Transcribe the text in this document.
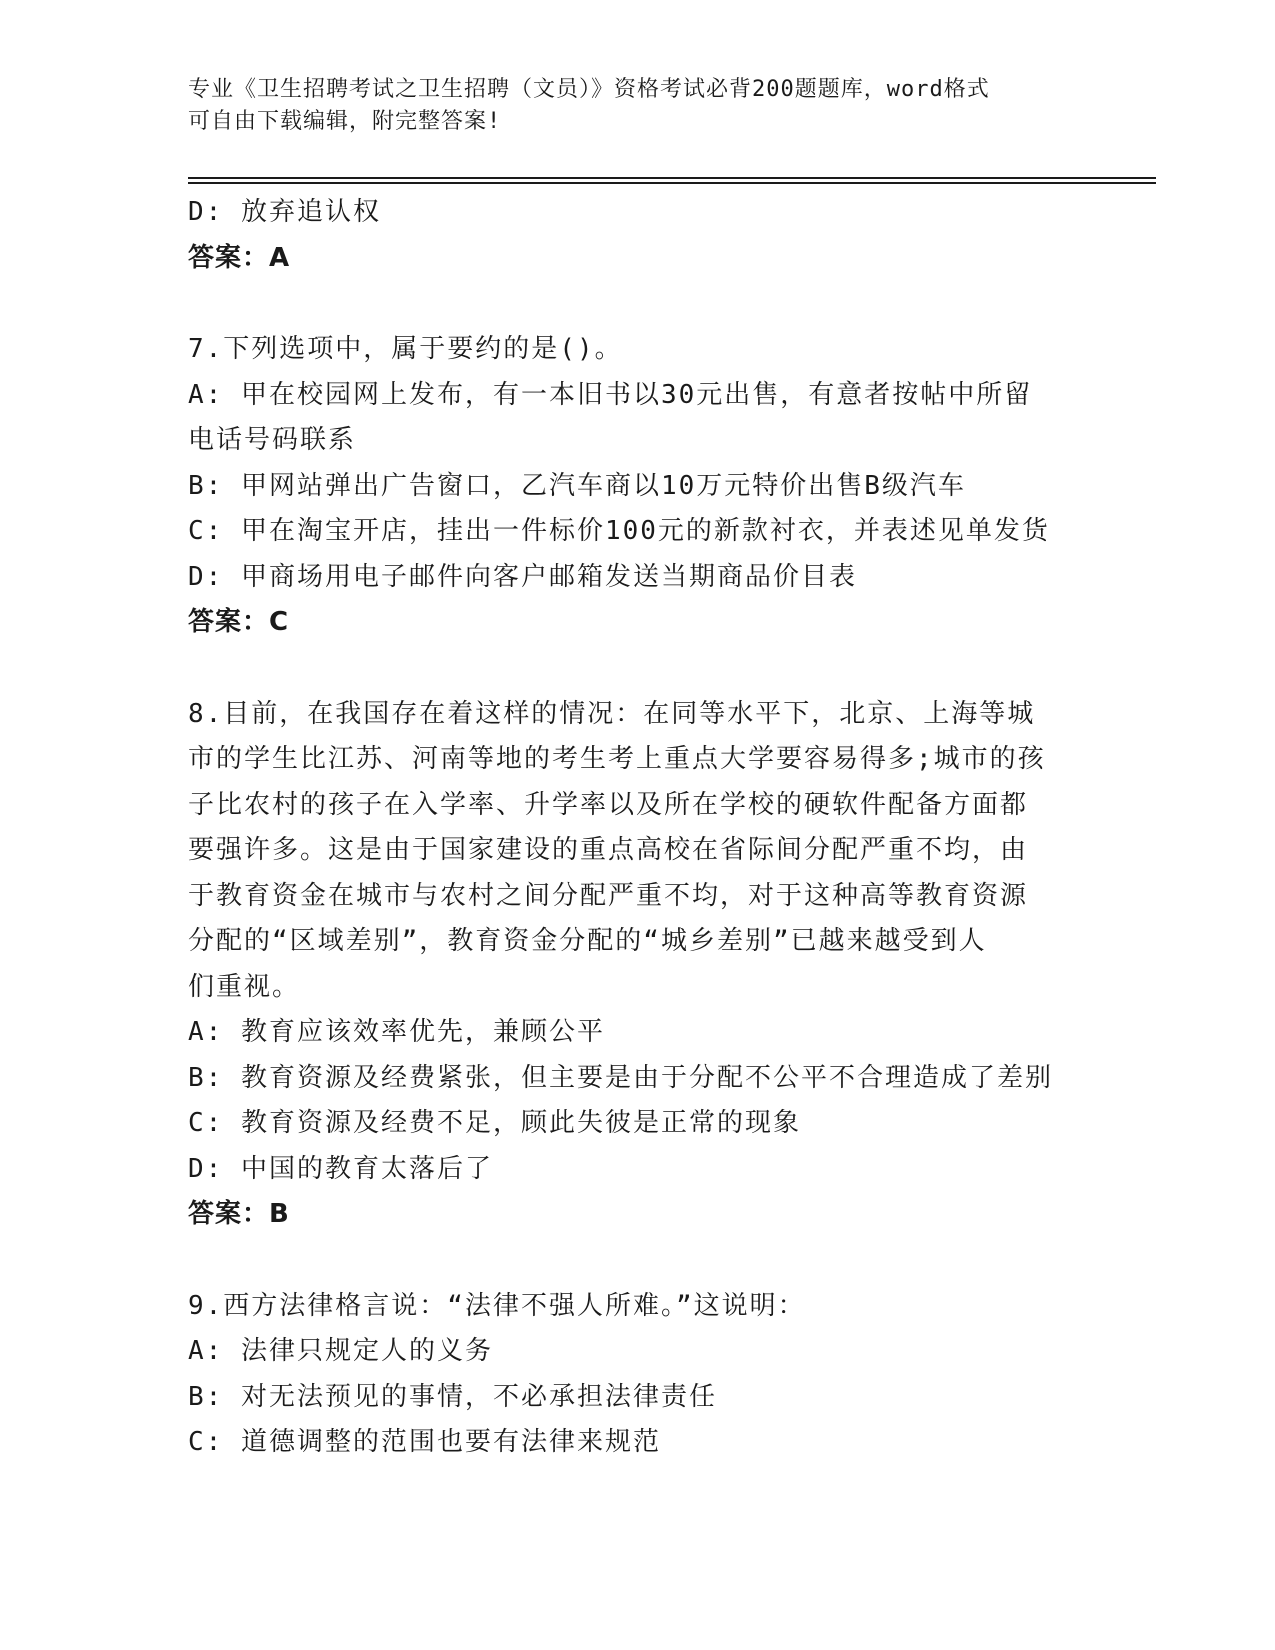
专业《卫生招聘考试之卫生招聘（文员）》资格考试必背200题题库，word格式
可自由下载编辑，附完整答案!
D: 放弃追认权
答案：A
7.下列选项中，属于要约的是()。
A: 甲在校园网上发布，有一本旧书以30元出售，有意者按帖中所留
电话号码联系
B: 甲网站弹出广告窗口，乙汽车商以10万元特价出售B级汽车
C: 甲在淘宝开店，挂出一件标价100元的新款衬衣，并表述见单发货
D: 甲商场用电子邮件向客户邮箱发送当期商品价目表
答案：C
8.目前，在我国存在着这样的情况：在同等水平下，北京、上海等城
市的学生比江苏、河南等地的考生考上重点大学要容易得多;城市的孩
子比农村的孩子在入学率、升学率以及所在学校的硬软件配备方面都
要强许多。这是由于国家建设的重点高校在省际间分配严重不均，由
于教育资金在城市与农村之间分配严重不均，对于这种高等教育资源
分配的“区域差别”，教育资金分配的“城乡差别”已越来越受到人
们重视。
A: 教育应该效率优先，兼顾公平
B: 教育资源及经费紧张，但主要是由于分配不公平不合理造成了差别
C: 教育资源及经费不足，顾此失彼是正常的现象
D: 中国的教育太落后了
答案：B
9.西方法律格言说：“法律不强人所难。”这说明：
A: 法律只规定人的义务
B: 对无法预见的事情，不必承担法律责任
C: 道德调整的范围也要有法律来规范
